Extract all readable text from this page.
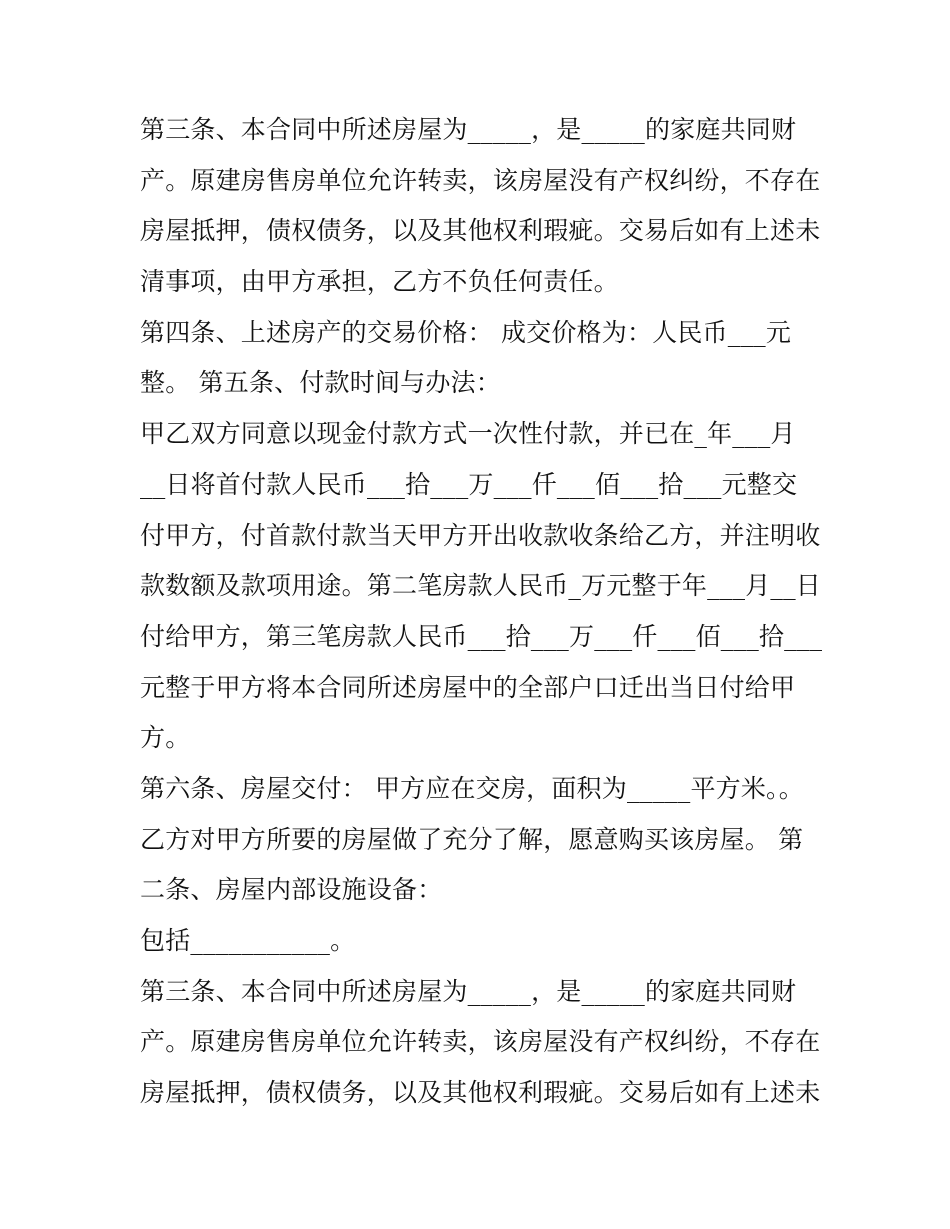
第三条、本合同中所述房屋为_____，是_____的家庭共同财
产。原建房售房单位允许转卖，该房屋没有产权纠纷，不存在
房屋抵押，债权债务，以及其他权利瑕疵。交易后如有上述未
清事项，由甲方承担，乙方不负任何责任。
第四条、上述房产的交易价格： 成交价格为：人民币___元
整。 第五条、付款时间与办法：
甲乙双方同意以现金付款方式一次性付款，并已在_年___月
__日将首付款人民币___拾___万___仟___佰___拾___元整交
付甲方，付首款付款当天甲方开出收款收条给乙方，并注明收
款数额及款项用途。第二笔房款人民币_万元整于年___月__日
付给甲方，第三笔房款人民币___拾___万___仟___佰___拾___
元整于甲方将本合同所述房屋中的全部户口迁出当日付给甲
方。
第六条、房屋交付： 甲方应在交房，面积为_____平方米。。
乙方对甲方所要的房屋做了充分了解，愿意购买该房屋。 第
二条、房屋内部设施设备：
包括___________。
第三条、本合同中所述房屋为_____，是_____的家庭共同财
产。原建房售房单位允许转卖，该房屋没有产权纠纷，不存在
房屋抵押，债权债务，以及其他权利瑕疵。交易后如有上述未
